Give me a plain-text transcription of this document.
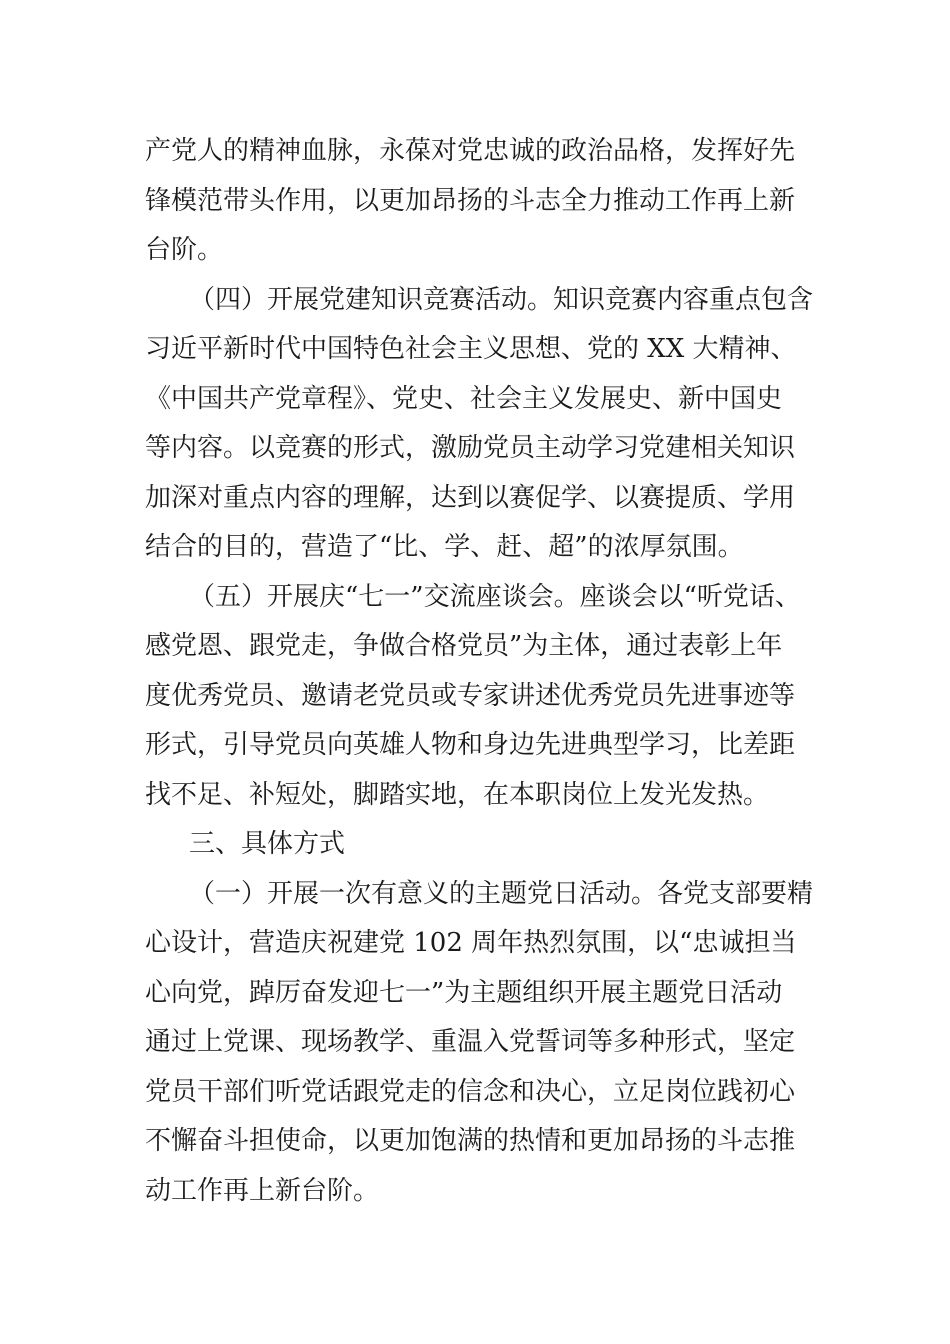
产党人的精神血脉，永葆对党忠诚的政治品格，发挥好先
锋模范带头作用，以更加昂扬的斗志全力推动工作再上新
台阶。
（四）开展党建知识竞赛活动。知识竞赛内容重点包含
习近平新时代中国特色社会主义思想、党的 XX 大精神、
《中国共产党章程》、党史、社会主义发展史、新中国史
等内容。以竞赛的形式，激励党员主动学习党建相关知识
加深对重点内容的理解，达到以赛促学、以赛提质、学用
结合的目的，营造了“比、学、赶、超”的浓厚氛围。
（五）开展庆“七一”交流座谈会。座谈会以“听党话、
感党恩、跟党走，争做合格党员”为主体，通过表彰上年
度优秀党员、邀请老党员或专家讲述优秀党员先进事迹等
形式，引导党员向英雄人物和身边先进典型学习，比差距
找不足、补短处，脚踏实地，在本职岗位上发光发热。
三、具体方式
（一）开展一次有意义的主题党日活动。各党支部要精
心设计，营造庆祝建党 102 周年热烈氛围，以“忠诚担当
心向党，踔厉奋发迎七一”为主题组织开展主题党日活动
通过上党课、现场教学、重温入党誓词等多种形式，坚定
党员干部们听党话跟党走的信念和决心，立足岗位践初心
不懈奋斗担使命，以更加饱满的热情和更加昂扬的斗志推
动工作再上新台阶。
